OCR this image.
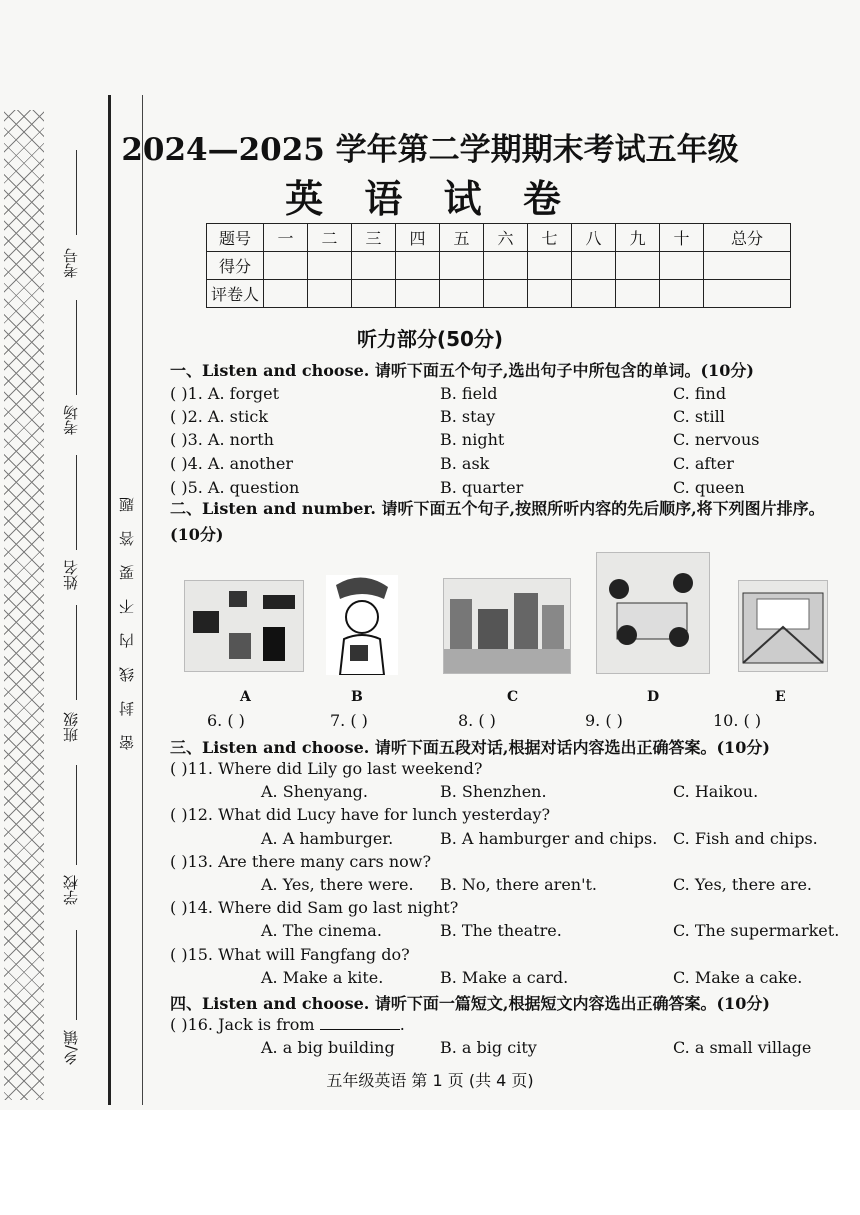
考号
考场
姓名
班级
学校
乡/镇
密封线内不要答题
2024—2025 学年第二学期期末考试五年级
英 语 试 卷
题号	一	二	三	四	五	六	七	八	九	十	总分
得分											
评卷人											
听力部分(50分)
一、Listen and choose. 请听下面五个句子,选出句子中所包含的单词。(10分)
( )1. A. forget	B. field	C. find
( )2. A. stick	B. stay	C. still
( )3. A. north	B. night	C. nervous
( )4. A. another	B. ask	C. after
( )5. A. question	B. quarter	C. queen
二、Listen and number. 请听下面五个句子,按照所听内容的先后顺序,将下列图片排序。(10分)
A	B	C	D	E
6. ( )	7. ( )	8. ( )	9. ( )	10. ( )
三、Listen and choose. 请听下面五段对话,根据对话内容选出正确答案。(10分)
( )11. Where did Lily go last weekend?
A. Shenyang.	B. Shenzhen.	C. Haikou.
( )12. What did Lucy have for lunch yesterday?
A. A hamburger.	B. A hamburger and chips. C. Fish and chips.
( )13. Are there many cars now?
A. Yes, there were. B. No, there aren't.	C. Yes, there are.
( )14. Where did Sam go last night?
A. The cinema.	B. The theatre.	C. The supermarket.
( )15. What will Fangfang do?
A. Make a kite.	B. Make a card.	C. Make a cake.
四、Listen and choose. 请听下面一篇短文,根据短文内容选出正确答案。(10分)
( )16. Jack is from	.
A. a big building	B. a big city	C. a small village
五年级英语 第 1 页 (共 4 页)
